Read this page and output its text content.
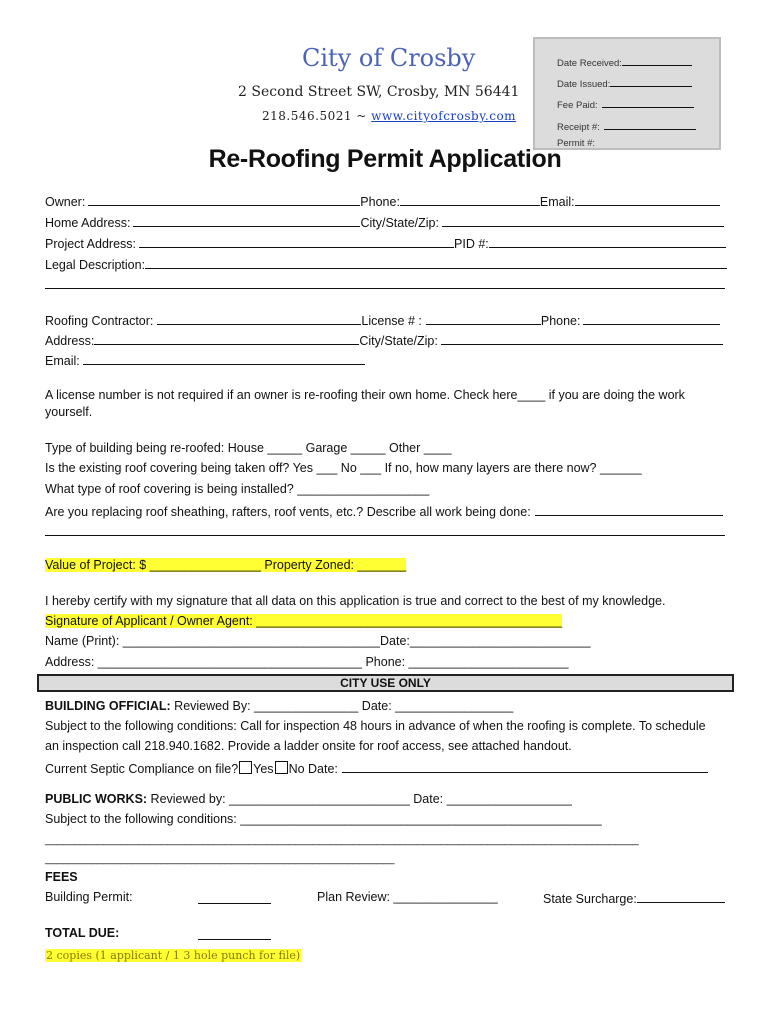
City of Crosby
2 Second Street SW, Crosby, MN 56441
218.546.5021 ~ www.cityofcrosby.com
Date Received:
Date Issued:
Fee Paid:
Receipt #:
Permit #:
Re-Roofing Permit Application
Owner:	Phone:	Email:
Home Address:	City/State/Zip:
Project Address:	PID #:
Legal Description:
Roofing Contractor:	License # :	Phone:
Address:	City/State/Zip:
Email:
A license number is not required if an owner is re-roofing their own home. Check here____ if you are doing the work
yourself.
Type of building being re-roofed: House _____ Garage _____ Other ____
Is the existing roof covering being taken off? Yes ___ No ___ If no, how many layers are there now? ______
What type of roof covering is being installed? ___________________
Are you replacing roof sheathing, rafters, roof vents, etc.? Describe all work being done:
Value of Project: $ ________________ Property Zoned: _______
I hereby certify with my signature that all data on this application is true and correct to the best of my knowledge.
Signature of Applicant / Owner Agent: ____________________________________________
Name (Print): _____________________________________Date:__________________________
Address: ______________________________________ Phone: _______________________
CITY USE ONLY
BUILDING OFFICIAL: Reviewed By: _______________ Date: _________________
Subject to the following conditions: Call for inspection 48 hours in advance of when the roofing is complete. To schedule
an inspection call 218.940.1682. Provide a ladder onsite for roof access, see attached handout.
Current Septic Compliance on file? Yes No Date:
PUBLIC WORKS: Reviewed by: __________________________ Date: __________________
Subject to the following conditions: ____________________________________________________
______________________________________________________________________________________________________
____________________________________________________________
FEES
Building Permit:	Plan Review: _______________	State Surcharge:
TOTAL DUE:
2 copies (1 applicant / 1 3 hole punch for file)
